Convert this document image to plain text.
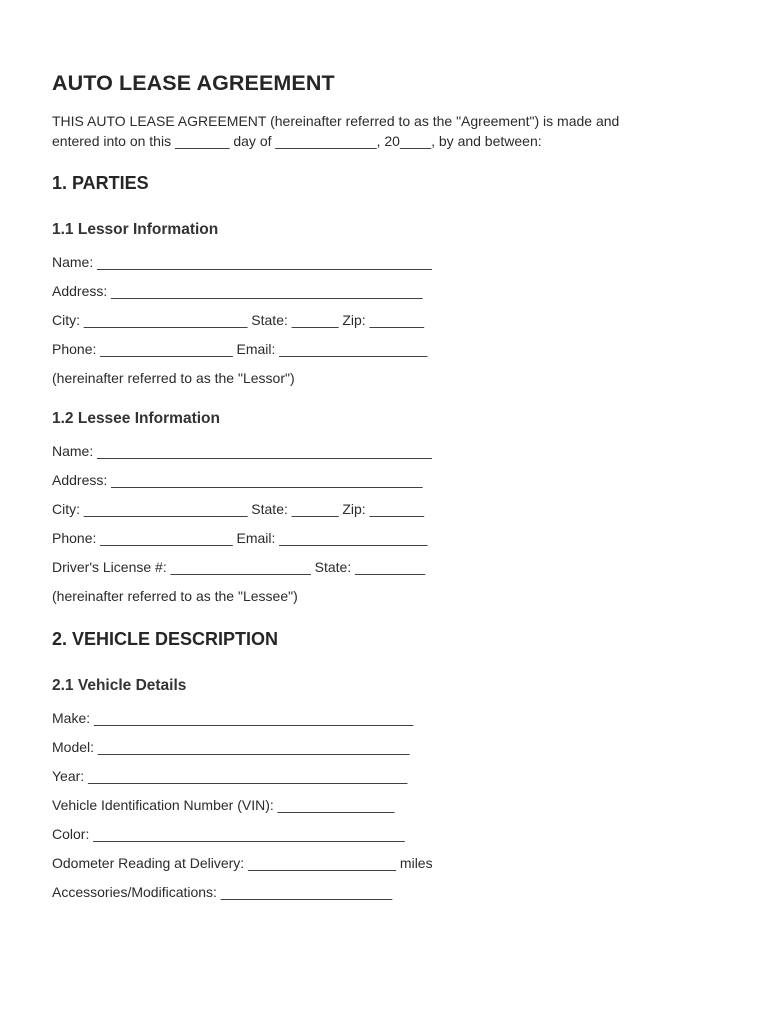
AUTO LEASE AGREEMENT

THIS AUTO LEASE AGREEMENT (hereinafter referred to as the "Agreement") is made and
entered into on this _______ day of _____________, 20____, by and between:

1. PARTIES
1.1 Lessor Information

Name: ___________________________________________

Address: ________________________________________

City: _____________________ State: ______ Zip: _______

Phone: _________________ Email: ___________________

(hereinafter referred to as the "Lessor")

1.2 Lessee Information

Name: ___________________________________________

Address: ________________________________________

City: _____________________ State: ______ Zip: _______

Phone: _________________ Email: ___________________

Driver's License #: __________________ State: _________

(hereinafter referred to as the "Lessee")

2. VEHICLE DESCRIPTION
2.1 Vehicle Details

Make: _________________________________________

Model: ________________________________________

Year: _________________________________________

Vehicle Identification Number (VIN): _______________

Color: ________________________________________

Odometer Reading at Delivery: ___________________ miles

Accessories/Modifications: ______________________
